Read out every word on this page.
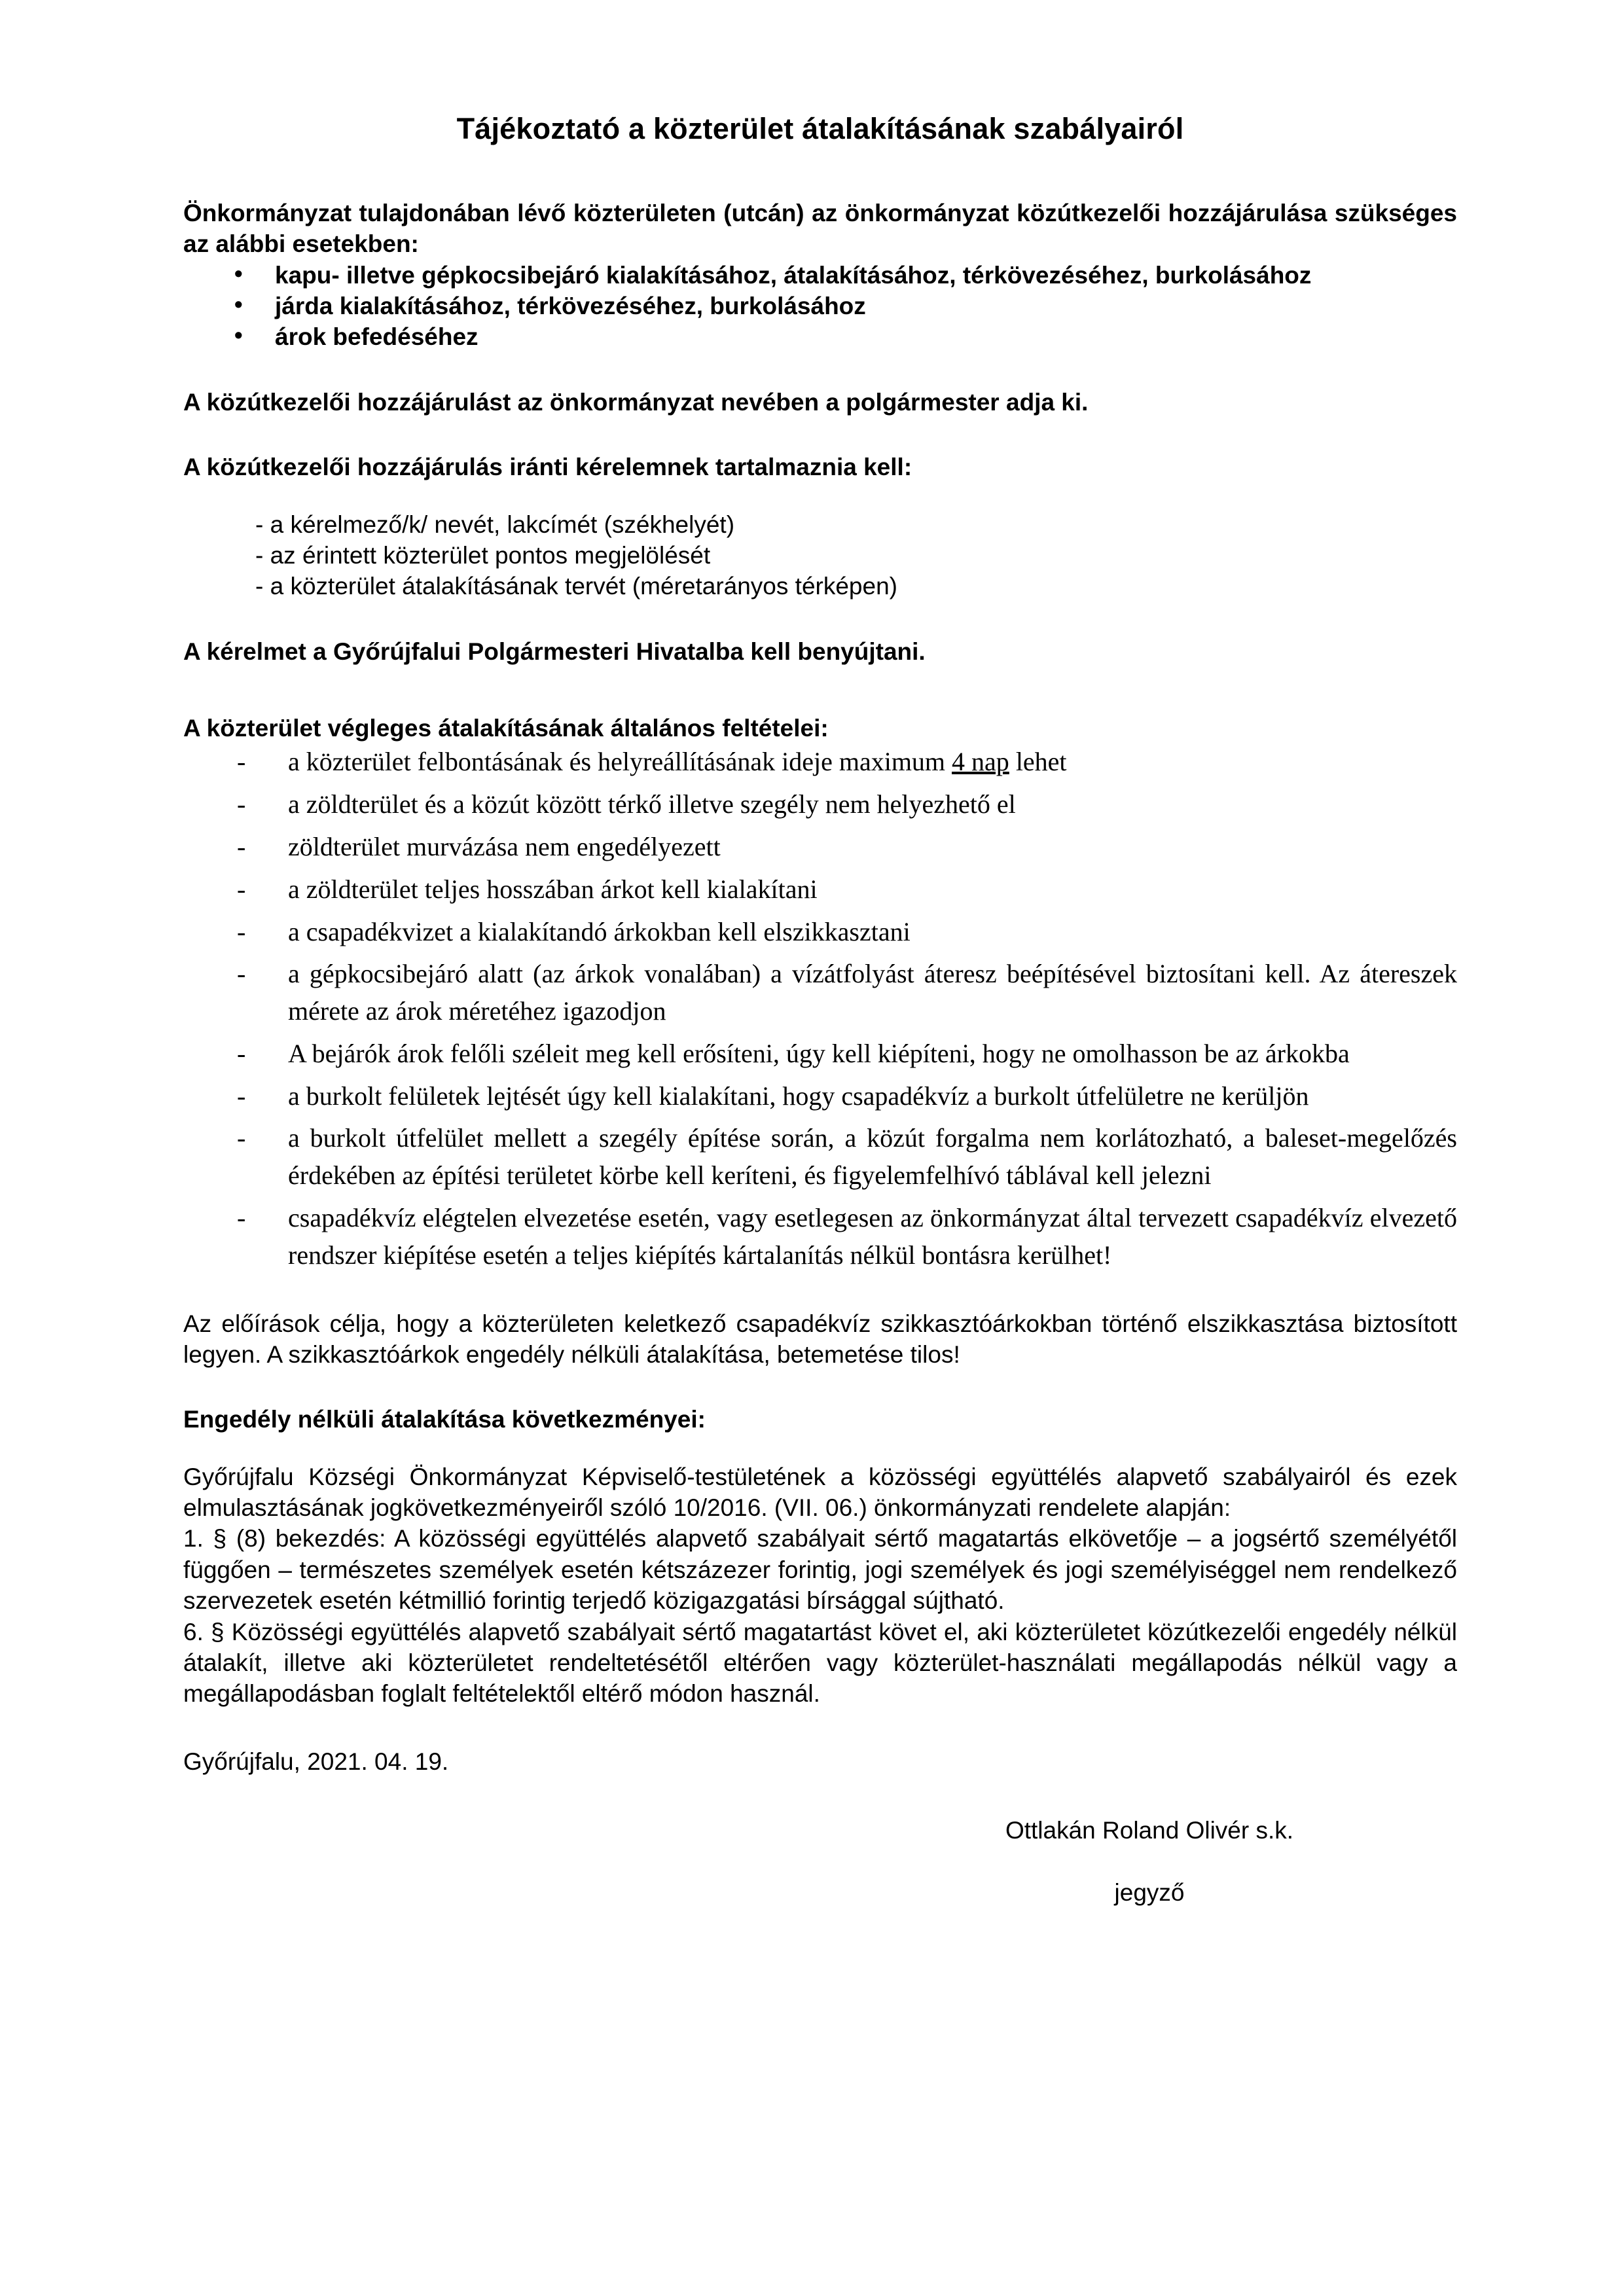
Tájékoztató a közterület átalakításának szabályairól

Önkormányzat tulajdonában lévő közterületen (utcán) az önkormányzat közútkezelői hozzájárulása szükséges az alábbi esetekben:

• kapu- illetve gépkocsibejáró kialakításához, átalakításához, térkövezéséhez, burkolásához
• járda kialakításához, térkövezéséhez, burkolásához
• árok befedéséhez

A közútkezelői hozzájárulást az önkormányzat nevében a polgármester adja ki.

A közútkezelői hozzájárulás iránti kérelemnek tartalmaznia kell:

- a kérelmező/k/ nevét, lakcímét (székhelyét)

- az érintett közterület pontos megjelölését

- a közterület átalakításának tervét (méretarányos térképen)

A kérelmet a Győrújfalui Polgármesteri Hivatalba kell benyújtani.

A közterület végleges átalakításának általános feltételei:

- a közterület felbontásának és helyreállításának ideje maximum 4 nap lehet
- a zöldterület és a közút között térkő illetve szegély nem helyezhető el
- zöldterület murvázása nem engedélyezett
- a zöldterület teljes hosszában árkot kell kialakítani
- a csapadékvizet a kialakítandó árkokban kell elszikkasztani
- a gépkocsibejáró alatt (az árkok vonalában) a vízátfolyást áteresz beépítésével biztosítani kell. Az átereszek mérete az árok méretéhez igazodjon
- A bejárók árok felőli széleit meg kell erősíteni, úgy kell kiépíteni, hogy ne omolhasson be az árkokba
- a burkolt felületek lejtését úgy kell kialakítani, hogy csapadékvíz a burkolt útfelületre ne kerüljön
- a burkolt útfelület mellett a szegély építése során, a közút forgalma nem korlátozható, a baleset-megelőzés érdekében az építési területet körbe kell keríteni, és figyelemfelhívó táblával kell jelezni
- csapadékvíz elégtelen elvezetése esetén, vagy esetlegesen az önkormányzat által tervezett csapadékvíz elvezető rendszer kiépítése esetén a teljes kiépítés kártalanítás nélkül bontásra kerülhet!

Az előírások célja, hogy a közterületen keletkező csapadékvíz szikkasztóárkokban történő elszikkasztása biztosított legyen. A szikkasztóárkok engedély nélküli átalakítása, betemetése tilos!

Engedély nélküli átalakítása következményei:

Győrújfalu Községi Önkormányzat Képviselő-testületének a közösségi együttélés alapvető szabályairól és ezek elmulasztásának jogkövetkezményeiről szóló 10/2016. (VII. 06.) önkormányzati rendelete alapján:

1. § (8) bekezdés: A közösségi együttélés alapvető szabályait sértő magatartás elkövetője – a jogsértő személyétől függően – természetes személyek esetén kétszázezer forintig, jogi személyek és jogi személyiséggel nem rendelkező szervezetek esetén kétmillió forintig terjedő közigazgatási bírsággal sújtható.

6. § Közösségi együttélés alapvető szabályait sértő magatartást követ el, aki közterületet közútkezelői engedély nélkül átalakít, illetve aki közterületet rendeltetésétől eltérően vagy közterület-használati megállapodás nélkül vagy a megállapodásban foglalt feltételektől eltérő módon használ.

Győrújfalu, 2021. 04. 19.
Ottlakán Roland Olivér s.k.
jegyző
